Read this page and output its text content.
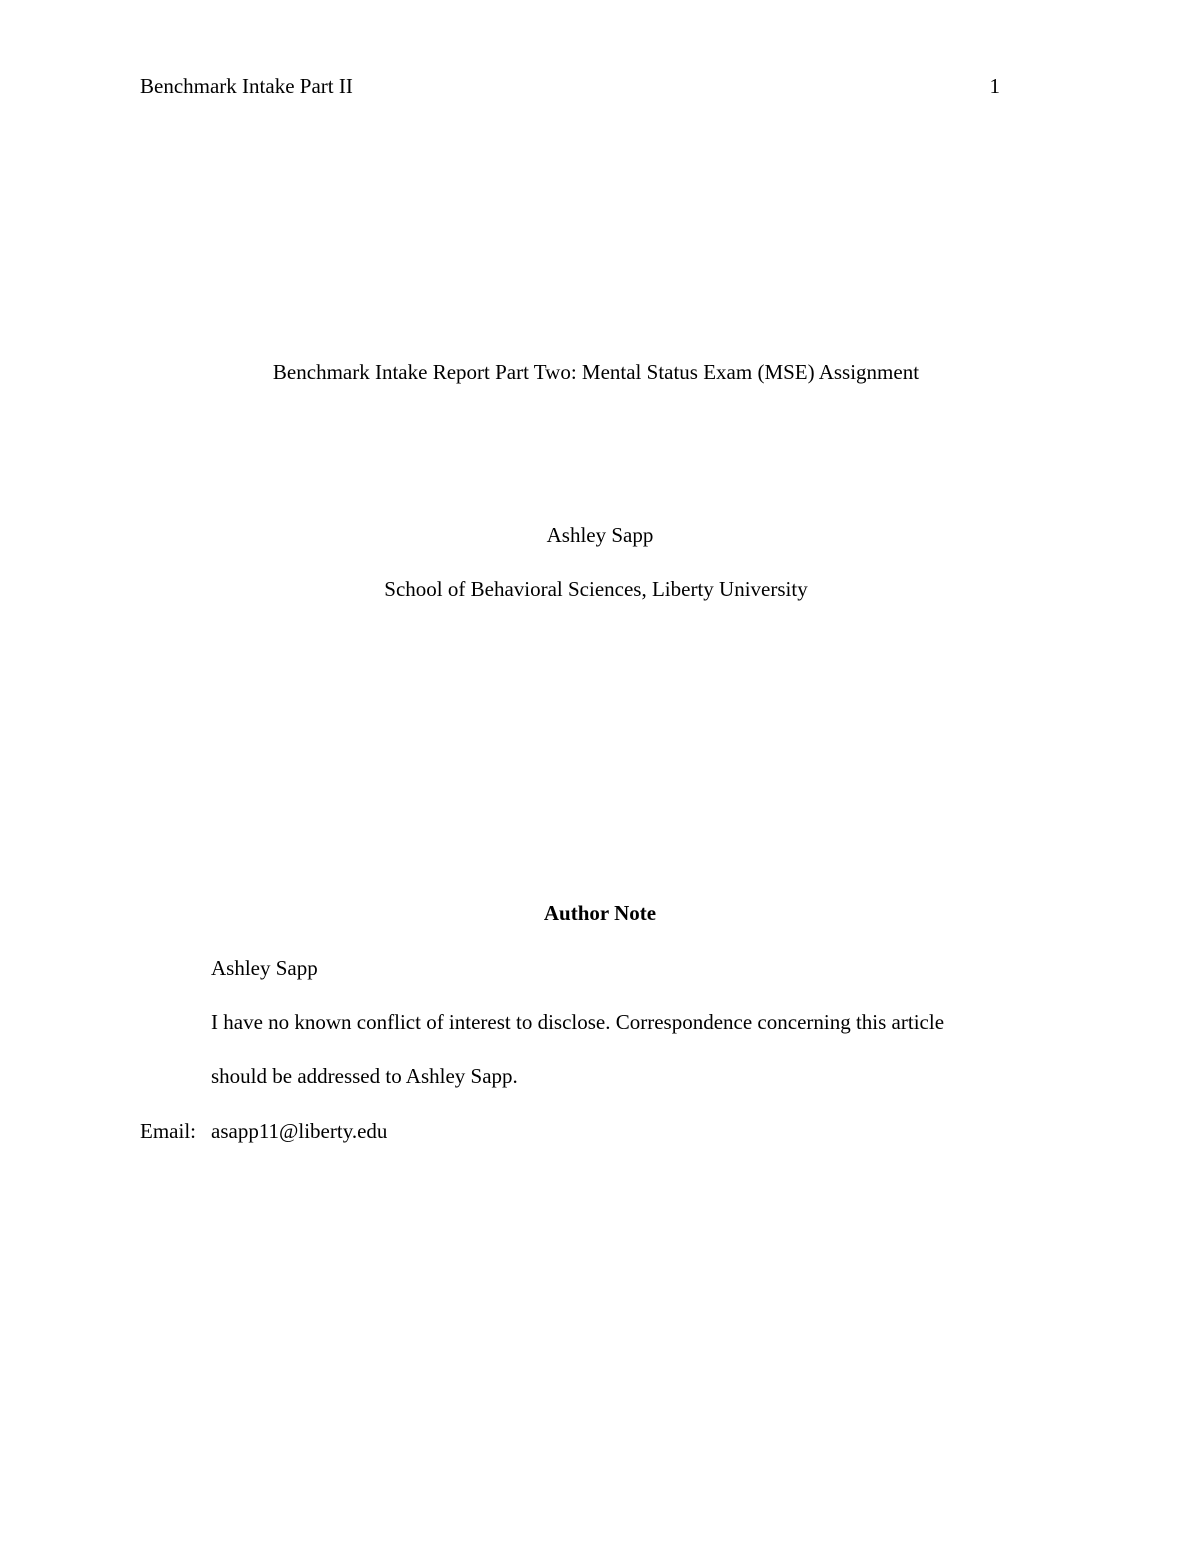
Benchmark Intake Part II	1
Benchmark Intake Report Part Two: Mental Status Exam (MSE) Assignment
Ashley Sapp
School of Behavioral Sciences, Liberty University
Author Note
Ashley Sapp
I have no known conflict of interest to disclose. Correspondence concerning this article
should be addressed to Ashley Sapp.
Email: asapp11@liberty.edu
